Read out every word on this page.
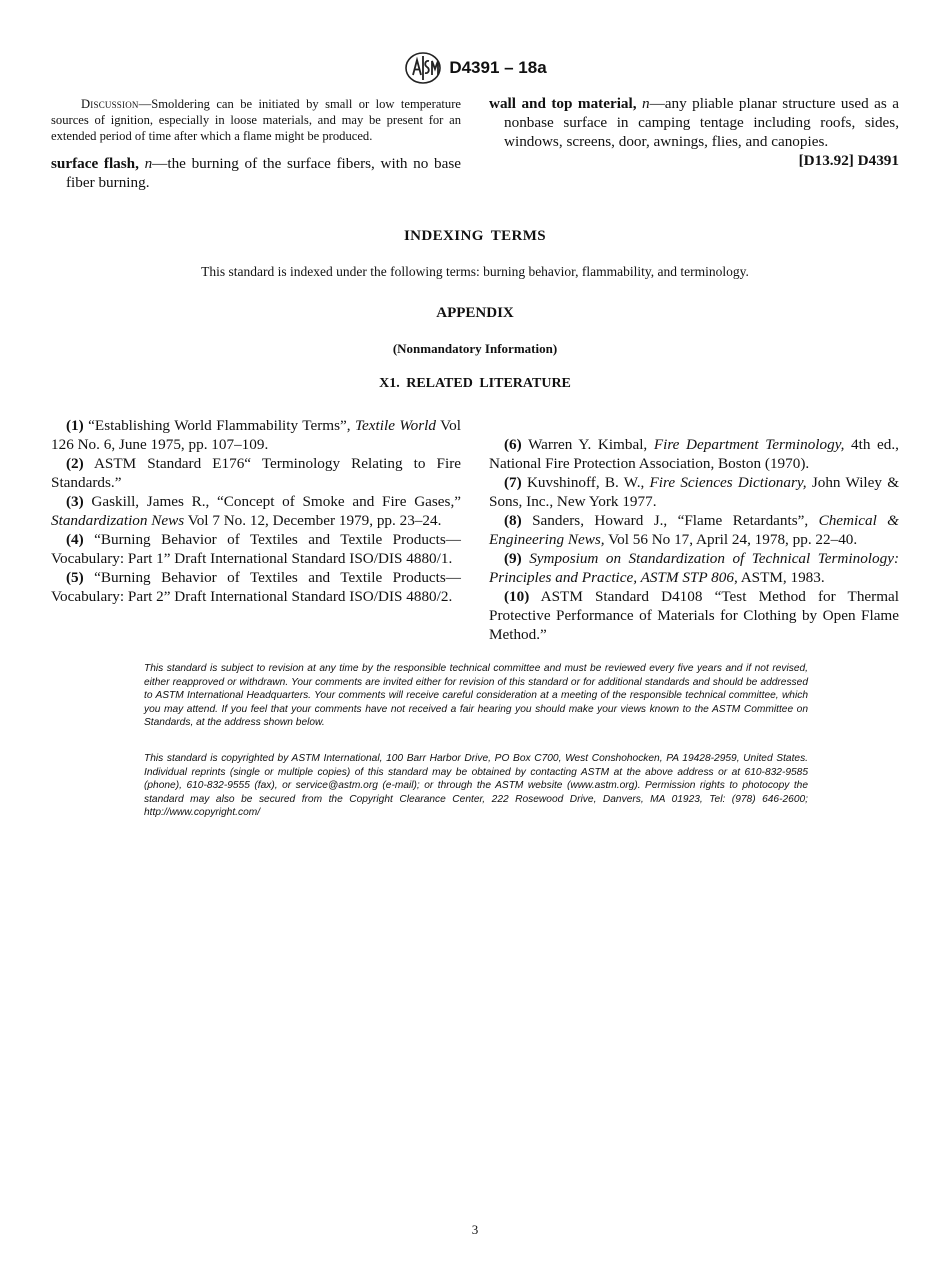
D4391 – 18a

Discussion—Smoldering can be initiated by small or low temperature sources of ignition, especially in loose materials, and may be present for an extended period of time after which a flame might be produced.

surface flash, n—the burning of the surface fibers, with no base fiber burning.

wall and top material, n—any pliable planar structure used as a nonbase surface in camping tentage including roofs, sides, windows, screens, door, awnings, flies, and canopies.

[D13.92] D4391

INDEXING TERMS
This standard is indexed under the following terms: burning behavior, flammability, and terminology.
APPENDIX
(Nonmandatory Information)
X1. RELATED LITERATURE

(1) “Establishing World Flammability Terms”, Textile World Vol 126 No. 6, June 1975, pp. 107–109.

(2) ASTM Standard E176“ Terminology Relating to Fire Standards.”

(3) Gaskill, James R., “Concept of Smoke and Fire Gases,” Standardization News Vol 7 No. 12, December 1979, pp. 23–24.

(4) “Burning Behavior of Textiles and Textile Products—Vocabulary: Part 1” Draft International Standard ISO/DIS 4880/1.

(5) “Burning Behavior of Textiles and Textile Products—Vocabulary: Part 2” Draft International Standard ISO/DIS 4880/2.

(6) Warren Y. Kimbal, Fire Department Terminology, 4th ed., National Fire Protection Association, Boston (1970).

(7) Kuvshinoff, B. W., Fire Sciences Dictionary, John Wiley & Sons, Inc., New York 1977.

(8) Sanders, Howard J., “Flame Retardants”, Chemical & Engineering News, Vol 56 No 17, April 24, 1978, pp. 22–40.

(9) Symposium on Standardization of Technical Terminology: Principles and Practice, ASTM STP 806, ASTM, 1983.

(10) ASTM Standard D4108 “Test Method for Thermal Protective Performance of Materials for Clothing by Open Flame Method.”

This standard is subject to revision at any time by the responsible technical committee and must be reviewed every five years and if not revised, either reapproved or withdrawn. Your comments are invited either for revision of this standard or for additional standards and should be addressed to ASTM International Headquarters. Your comments will receive careful consideration at a meeting of the responsible technical committee, which you may attend. If you feel that your comments have not received a fair hearing you should make your views known to the ASTM Committee on Standards, at the address shown below.

This standard is copyrighted by ASTM International, 100 Barr Harbor Drive, PO Box C700, West Conshohocken, PA 19428-2959, United States. Individual reprints (single or multiple copies) of this standard may be obtained by contacting ASTM at the above address or at 610-832-9585 (phone), 610-832-9555 (fax), or service@astm.org (e-mail); or through the ASTM website (www.astm.org). Permission rights to photocopy the standard may also be secured from the Copyright Clearance Center, 222 Rosewood Drive, Danvers, MA 01923, Tel: (978) 646-2600; http://www.copyright.com/

3
